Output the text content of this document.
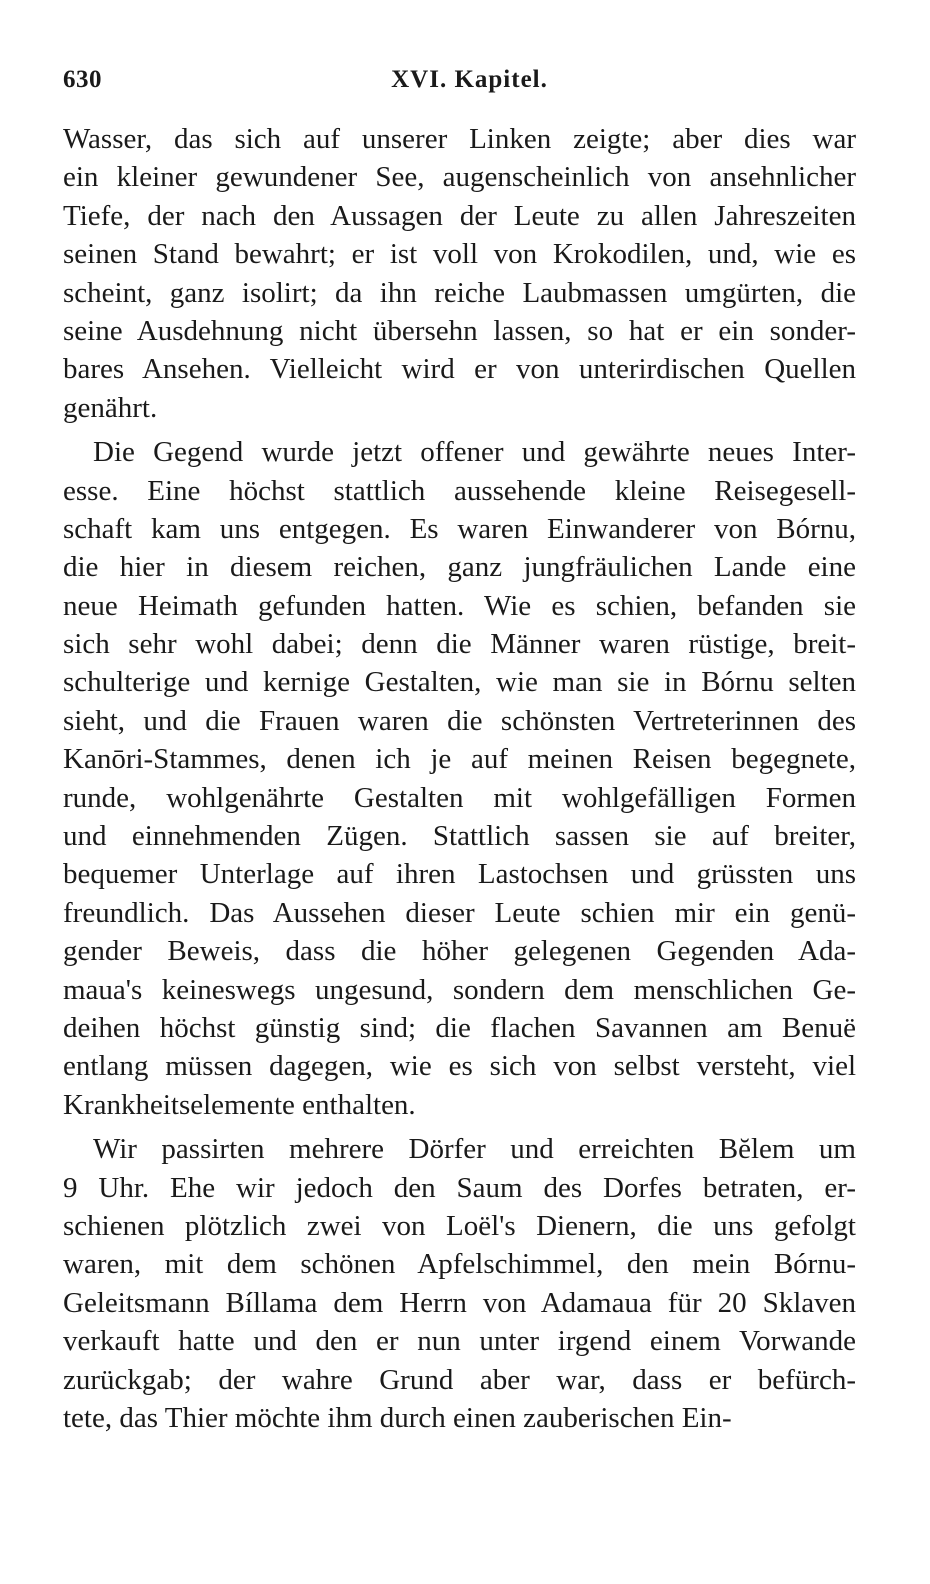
630	XVI. Kapitel.
Wasser, das sich auf unserer Linken zeigte; aber dies war
ein kleiner gewundener See, augenscheinlich von ansehnlicher
Tiefe, der nach den Aussagen der Leute zu allen Jahreszeiten
seinen Stand bewahrt; er ist voll von Krokodilen, und, wie es
scheint, ganz isolirt; da ihn reiche Laubmassen umgürten, die
seine Ausdehnung nicht übersehn lassen, so hat er ein sonder-
bares Ansehen. Vielleicht wird er von unterirdischen Quellen
genährt.
Die Gegend wurde jetzt offener und gewährte neues Inter-
esse. Eine höchst stattlich aussehende kleine Reisegesell-
schaft kam uns entgegen. Es waren Einwanderer von Bórnu,
die hier in diesem reichen, ganz jungfräulichen Lande eine
neue Heimath gefunden hatten. Wie es schien, befanden sie
sich sehr wohl dabei; denn die Männer waren rüstige, breit-
schulterige und kernige Gestalten, wie man sie in Bórnu selten
sieht, und die Frauen waren die schönsten Vertreterinnen des
Kanōri-Stammes, denen ich je auf meinen Reisen begegnete,
runde, wohlgenährte Gestalten mit wohlgefälligen Formen
und einnehmenden Zügen. Stattlich sassen sie auf breiter,
bequemer Unterlage auf ihren Lastochsen und grüssten uns
freundlich. Das Aussehen dieser Leute schien mir ein genü-
gender Beweis, dass die höher gelegenen Gegenden Ada-
maua's keineswegs ungesund, sondern dem menschlichen Ge-
deihen höchst günstig sind; die flachen Savannen am Benuë
entlang müssen dagegen, wie es sich von selbst versteht, viel
Krankheitselemente enthalten.
Wir passirten mehrere Dörfer und erreichten Bĕlem um
9 Uhr. Ehe wir jedoch den Saum des Dorfes betraten, er-
schienen plötzlich zwei von Loël's Dienern, die uns gefolgt
waren, mit dem schönen Apfelschimmel, den mein Bórnu-
Geleitsmann Bíllama dem Herrn von Adamaua für 20 Sklaven
verkauft hatte und den er nun unter irgend einem Vorwande
zurückgab; der wahre Grund aber war, dass er befürch-
tete, das Thier möchte ihm durch einen zauberischen Ein-
